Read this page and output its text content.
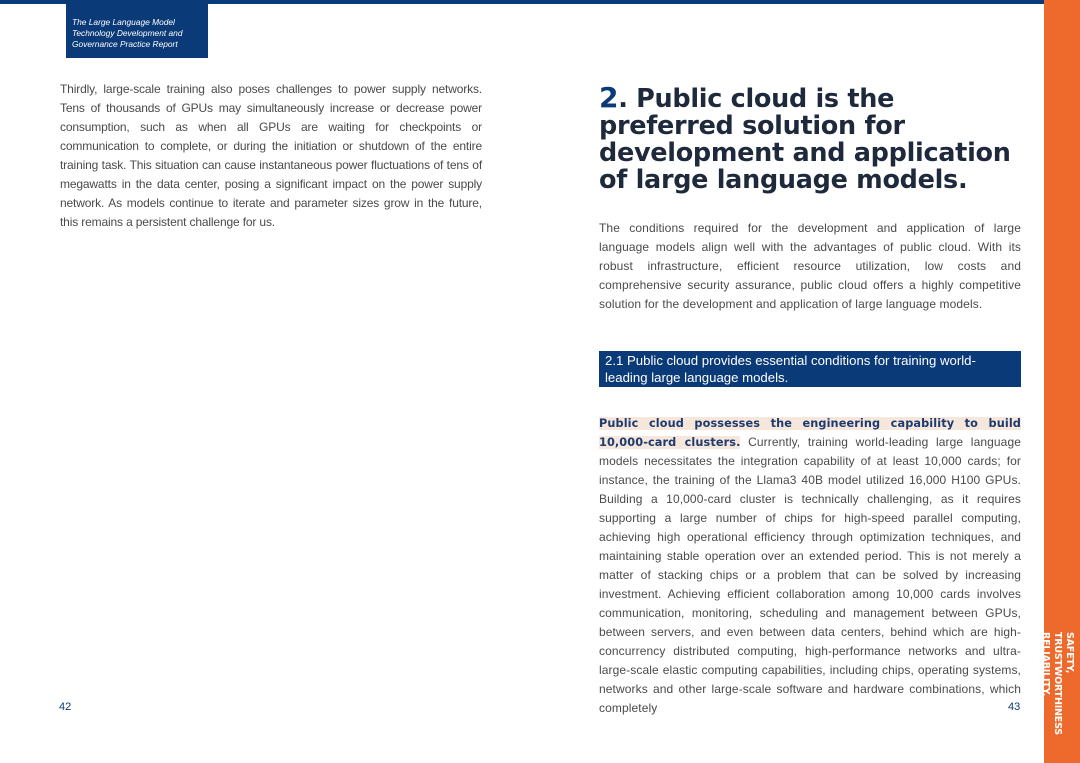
The Large Language Model
Technology Development and
Governance Practice Report

Thirdly, large-scale training also poses challenges to power supply networks. Tens of thousands of GPUs may simultaneously increase or decrease power consumption, such as when all GPUs are waiting for checkpoints or communication to complete, or during the initiation or shutdown of the entire training task. This situation can cause instantaneous power fluctuations of tens of megawatts in the data center, posing a significant impact on the power supply network. As models continue to iterate and parameter sizes grow in the future, this remains a persistent challenge for us.

2. Public cloud is the preferred solution for development and application of large language models.

The conditions required for the development and application of large language models align well with the advantages of public cloud. With its robust infrastructure, efficient resource utilization, low costs and comprehensive security assurance, public cloud offers a highly competitive solution for the development and application of large language models.

2.1 Public cloud provides essential conditions for training world-leading large language models.

Public cloud possesses the engineering capability to build 10,000-card clusters. Currently, training world-leading large language models necessitates the integration capability of at least 10,000 cards; for instance, the training of the Llama3 40B model utilized 16,000 H100 GPUs. Building a 10,000-card cluster is technically challenging, as it requires supporting a large number of chips for high-speed parallel computing, achieving high operational efficiency through optimization techniques, and maintaining stable operation over an extended period. This is not merely a matter of stacking chips or a problem that can be solved by increasing investment. Achieving efficient collaboration among 10,000 cards involves communication, monitoring, scheduling and management between GPUs, between servers, and even between data centers, behind which are high-concurrency distributed computing, high-performance networks and ultra-large-scale elastic computing capabilities, including chips, operating systems, networks and other large-scale software and hardware combinations, which completely

42	43
SAFETY, TRUSTWORTHINESS
RELIABILITY, USABILITY
